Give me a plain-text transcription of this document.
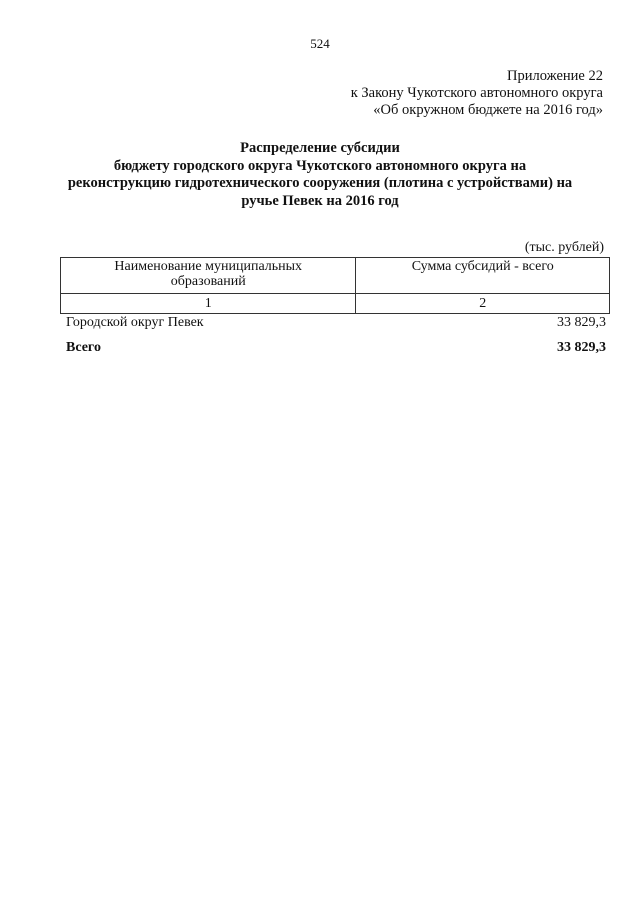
524
Приложение 22
к Закону Чукотского автономного округа
«Об окружном бюджете на 2016 год»
Распределение субсидии
бюджету городского округа Чукотского автономного округа на
реконструкцию гидротехнического сооружения (плотина с устройствами) на
ручье Певек на 2016 год
(тыс. рублей)
Наименование муниципальных
образований	Сумма субсидий - всего
1	2
Городской округ Певек	33 829,3
Всего	33 829,3
